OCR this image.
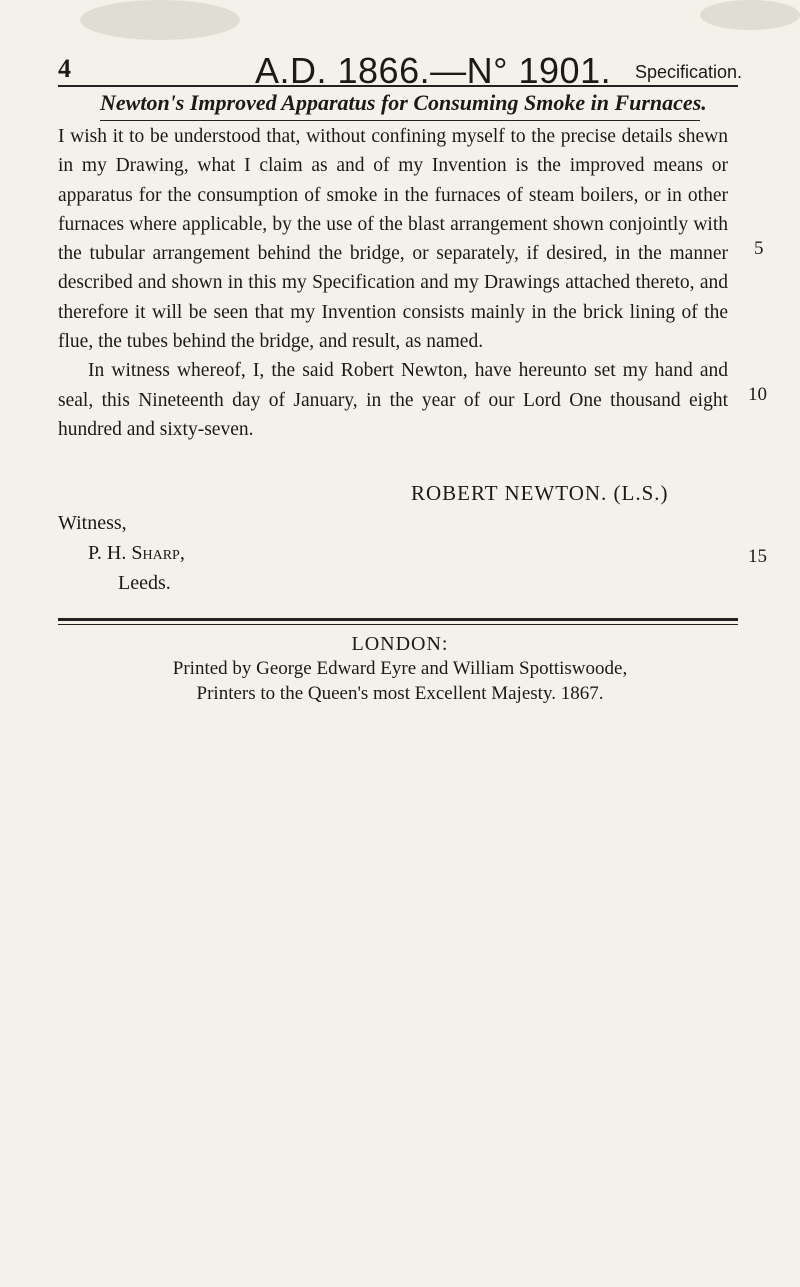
4	A.D. 1866.—N° 1901. Specification.
Newton's Improved Apparatus for Consuming Smoke in Furnaces.

I wish it to be understood that, without confining myself to the precise details shewn in my Drawing, what I claim as and of my Invention is the improved means or apparatus for the consumption of smoke in the furnaces of steam boilers, or in other furnaces where applicable, by the use of the blast arrangement shown conjointly with the tubular arrangement behind the bridge, or separately, if desired, in the manner described and shown in this my Specification and my Drawings attached thereto, and therefore it will be seen that my Invention consists mainly in the brick lining of the flue, the tubes behind the bridge, and result, as named.

In witness whereof, I, the said Robert Newton, have hereunto set my hand and seal, this Nineteenth day of January, in the year of our Lord One thousand eight hundred and sixty-seven.

5
10
15
ROBERT NEWTON. (L.S.)
Witness,
P. H. Sharp,
Leeds.
LONDON:
Printed by George Edward Eyre and William Spottiswoode,
Printers to the Queen's most Excellent Majesty. 1867.
